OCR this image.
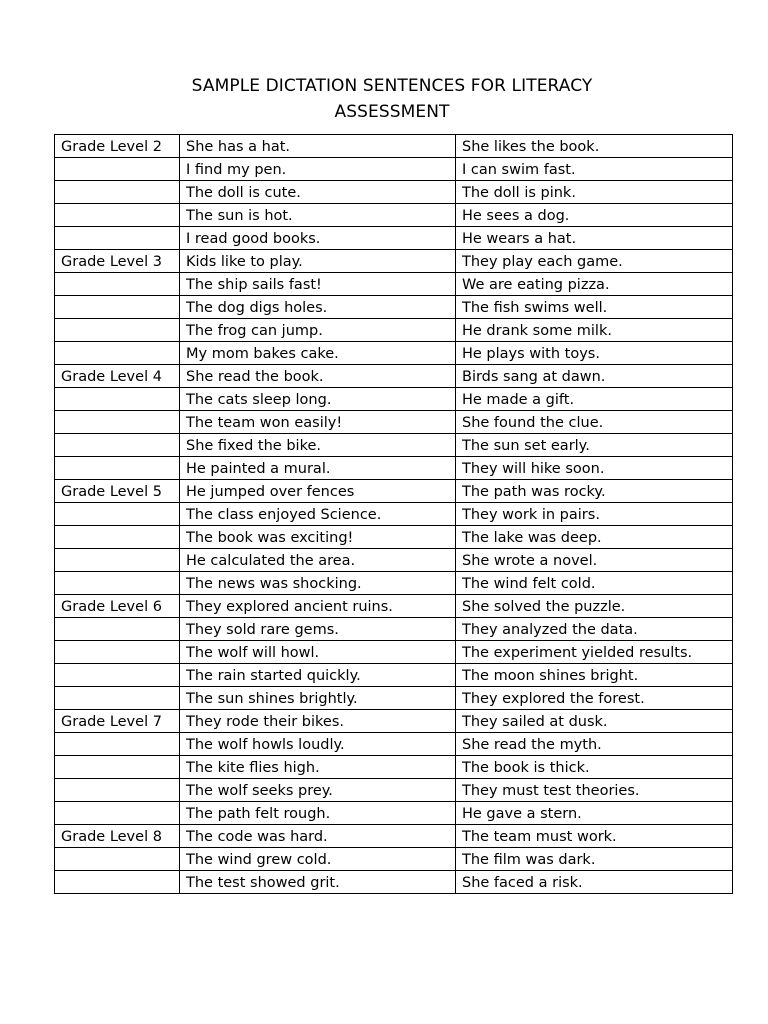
SAMPLE DICTATION SENTENCES FOR LITERACY
ASSESSMENT
Grade Level 2	She has a hat.	She likes the book.
	I find my pen.	I can swim fast.
	The doll is cute.	The doll is pink.
	The sun is hot.	He sees a dog.
	I read good books.	He wears a hat.
Grade Level 3	Kids like to play.	They play each game.
	The ship sails fast!	We are eating pizza.
	The dog digs holes.	The fish swims well.
	The frog can jump.	He drank some milk.
	My mom bakes cake.	He plays with toys.
Grade Level 4	She read the book.	Birds sang at dawn.
	The cats sleep long.	He made a gift.
	The team won easily!	She found the clue.
	She fixed the bike.	The sun set early.
	He painted a mural.	They will hike soon.
Grade Level 5	He jumped over fences	The path was rocky.
	The class enjoyed Science.	They work in pairs.
	The book was exciting!	The lake was deep.
	He calculated the area.	She wrote a novel.
	The news was shocking.	The wind felt cold.
Grade Level 6	They explored ancient ruins.	She solved the puzzle.
	They sold rare gems.	They analyzed the data.
	The wolf will howl.	The experiment yielded results.
	The rain started quickly.	The moon shines bright.
	The sun shines brightly.	They explored the forest.
Grade Level 7	They rode their bikes.	They sailed at dusk.
	The wolf howls loudly.	She read the myth.
	The kite flies high.	The book is thick.
	The wolf seeks prey.	They must test theories.
	The path felt rough.	He gave a stern.
Grade Level 8	The code was hard.	The team must work.
	The wind grew cold.	The film was dark.
	The test showed grit.	She faced a risk.
